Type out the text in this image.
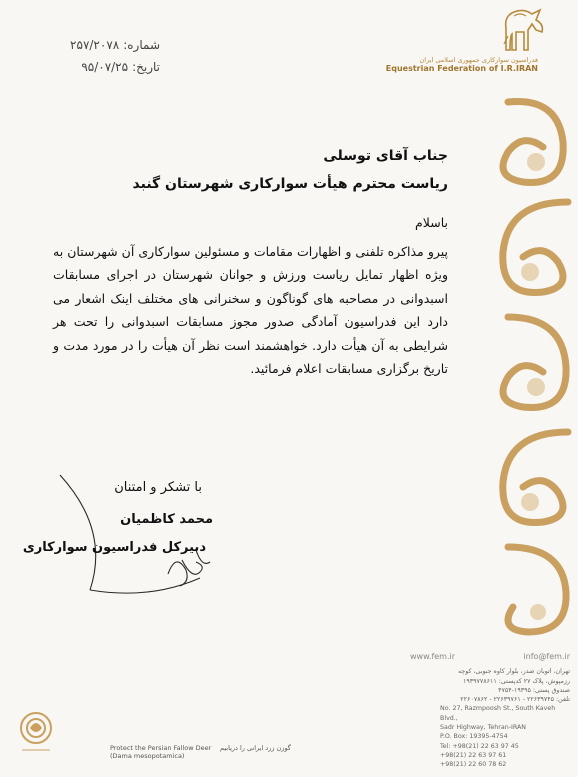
شماره:
۲۵۷/۲۰۷۸
تاریخ:
۹۵/۰۷/۲۵	فدراسیون سوارکاری جمهوری اسلامی ایران
Equestrian Federation of I.R.IRAN
جناب آقای توسلی
ریاست محترم هیأت سوارکاری شهرستان گنبد
باسلام
پیرو مذاکره تلفنی و اظهارات مقامات و مسئولین سوارکاری آن شهرستان به ویژه اظهار تمایل ریاست ورزش و جوانان شهرستان در اجرای مسابقات اسبدوانی در مصاحبه های گوناگون و سخنرانی های مختلف اینک اشعار می دارد این فدراسیون آمادگی صدور مجوز مسابقات اسبدوانی را تحت هر شرایطی به آن هیأت دارد. خواهشمند است نظر آن هیأت را در مورد مدت و تاریخ برگزاری مسابقات اعلام فرمائید.
با تشکر و امتنان
محمد کاظمیان
دبیرکل فدراسیون سوارکاری
www.fem.ir	info@fem.ir
تهران، اتوبان صدر، بلوار کاوه جنوبی، کوچه
رزمپوش، پلاک ۲۷ کدپستی: ۱۹۳۹۷۷۸۶۱۱
صندوق پستی: ۱۹۳۹۵-۴۷۵۴
تلفن: ۲۲۶۳۹۷۴۵ - ۲۲۶۳۹۷۶۱ - ۲۲۶۰۷۸۶۲
No. 27, Razmpoosh St., South Kaveh Blvd.,
Sadr Highway, Tehran-IRAN
P.O. Box: 19395-4754
Tel: +98(21) 22 63 97 45
+98(21) 22 63 97 61
+98(21) 22 60 78 62
Protect the Persian Fallow Deer
(Dama mesopotamica)
گوزن زرد ایرانی را دریابیم
